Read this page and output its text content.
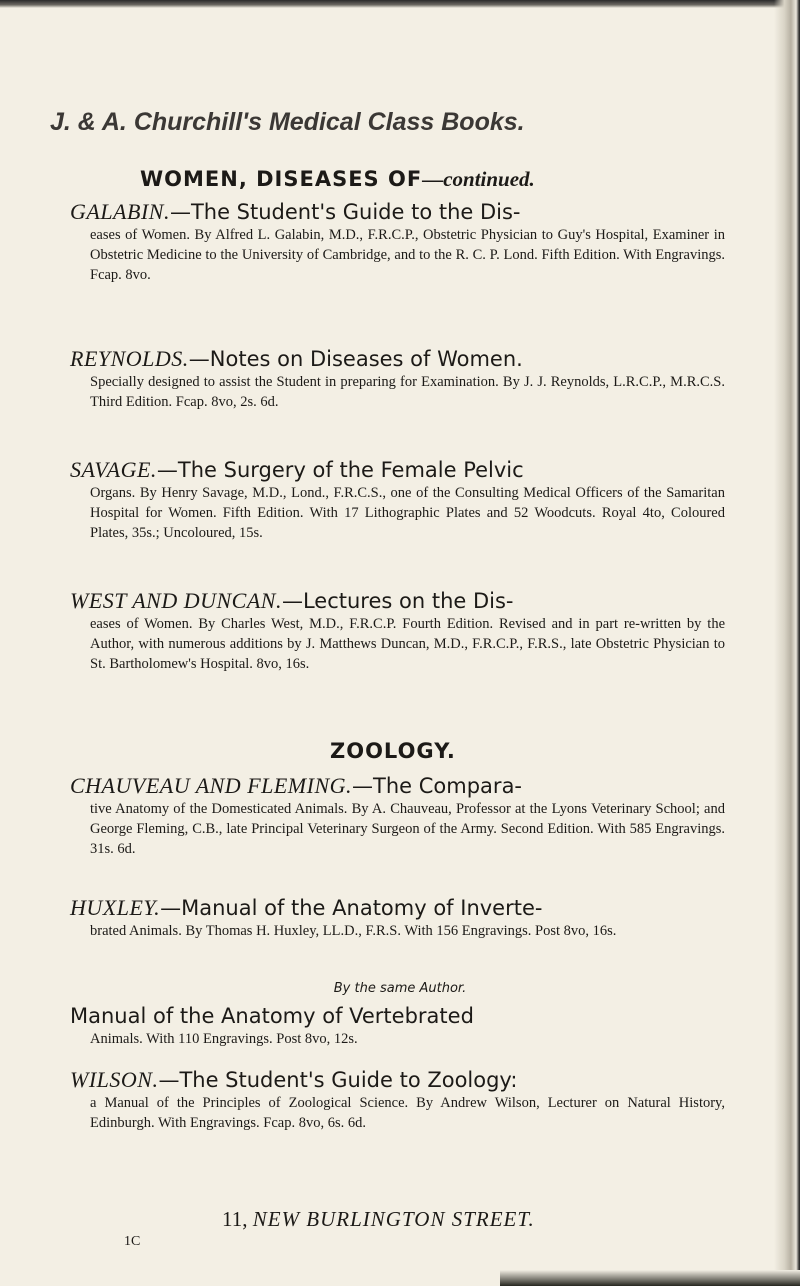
J. & A. Churchill's Medical Class Books.
WOMEN, DISEASES OF—continued.
GALABIN.—The Student's Guide to the Dis-
eases of Women. By Alfred L. Galabin, M.D., F.R.C.P., Obstetric Physician to Guy's Hospital, Examiner in Obstetric Medicine to the University of Cambridge, and to the R. C. P. Lond. Fifth Edition. With Engravings. Fcap. 8vo.
REYNOLDS.—Notes on Diseases of Women.
Specially designed to assist the Student in preparing for Examination. By J. J. Reynolds, L.R.C.P., M.R.C.S. Third Edition. Fcap. 8vo, 2s. 6d.
SAVAGE.—The Surgery of the Female Pelvic
Organs. By Henry Savage, M.D., Lond., F.R.C.S., one of the Consulting Medical Officers of the Samaritan Hospital for Women. Fifth Edition. With 17 Lithographic Plates and 52 Woodcuts. Royal 4to, Coloured Plates, 35s.; Uncoloured, 15s.
WEST AND DUNCAN.—Lectures on the Dis-
eases of Women. By Charles West, M.D., F.R.C.P. Fourth Edition. Revised and in part re-written by the Author, with numerous additions by J. Matthews Duncan, M.D., F.R.C.P., F.R.S., late Obstetric Physician to St. Bartholomew's Hospital. 8vo, 16s.
ZOOLOGY.
CHAUVEAU AND FLEMING.—The Compara-
tive Anatomy of the Domesticated Animals. By A. Chauveau, Professor at the Lyons Veterinary School; and George Fleming, C.B., late Principal Veterinary Surgeon of the Army. Second Edition. With 585 Engravings. 31s. 6d.
HUXLEY.—Manual of the Anatomy of Inverte-
brated Animals. By Thomas H. Huxley, LL.D., F.R.S. With 156 Engravings. Post 8vo, 16s.
By the same Author.
Manual of the Anatomy of Vertebrated
Animals. With 110 Engravings. Post 8vo, 12s.
WILSON.—The Student's Guide to Zoology:
a Manual of the Principles of Zoological Science. By Andrew Wilson, Lecturer on Natural History, Edinburgh. With Engravings. Fcap. 8vo, 6s. 6d.
11, NEW BURLINGTON STREET.
1C
